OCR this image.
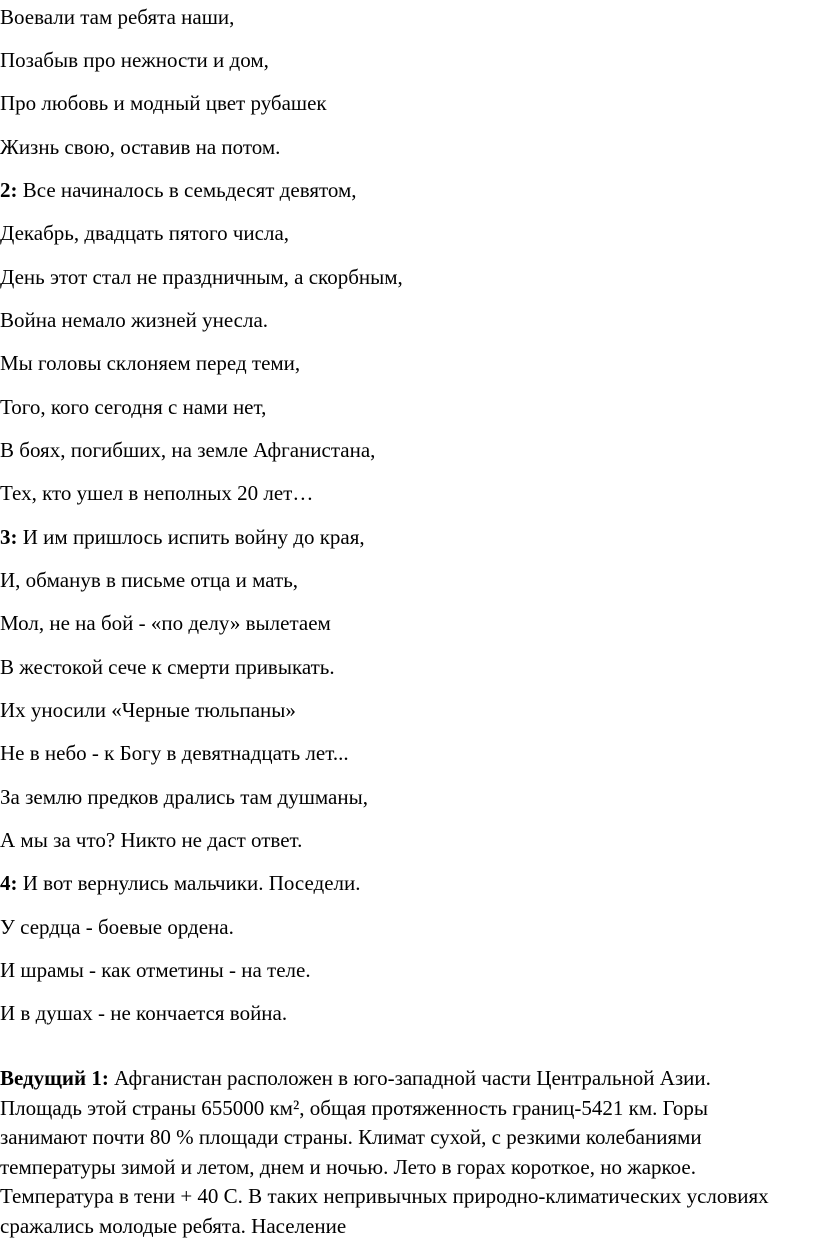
Воевали там ребята наши,

Позабыв про нежности и дом,

Про любовь и модный цвет рубашек

Жизнь свою, оставив на потом.

2: Все начиналось в семьдесят девятом,

Декабрь, двадцать пятого числа,

День этот стал не праздничным, а скорбным,

Война немало жизней унесла.

Мы головы склоняем перед теми,

Того, кого сегодня с нами нет,

В боях, погибших, на земле Афганистана,

Тех, кто ушел в неполных 20 лет…

3: И им пришлось испить войну до края,

И, обманув в письме отца и мать,

Мол, не на бой - «по делу» вылетаем

В жестокой сече к смерти привыкать.

Их уносили «Черные тюльпаны»

Не в небо - к Богу в девятнадцать лет...

За землю предков дрались там душманы,

А мы за что? Никто не даст ответ.

4: И вот вернулись мальчики. Поседели.

У сердца - боевые ордена.

И шрамы - как отметины - на теле.

И в душах - не кончается война.

Ведущий 1: Афганистан расположен в юго-западной части Центральной Азии. Площадь этой страны 655000 км², общая протяженность границ-5421 км. Горы занимают почти 80 % площади страны. Климат сухой, с резкими колебаниями температуры зимой и летом, днем и ночью. Лето в горах короткое, но жаркое. Температура в тени + 40 С. В таких непривычных природно-климатических условиях сражались молодые ребята. Население
